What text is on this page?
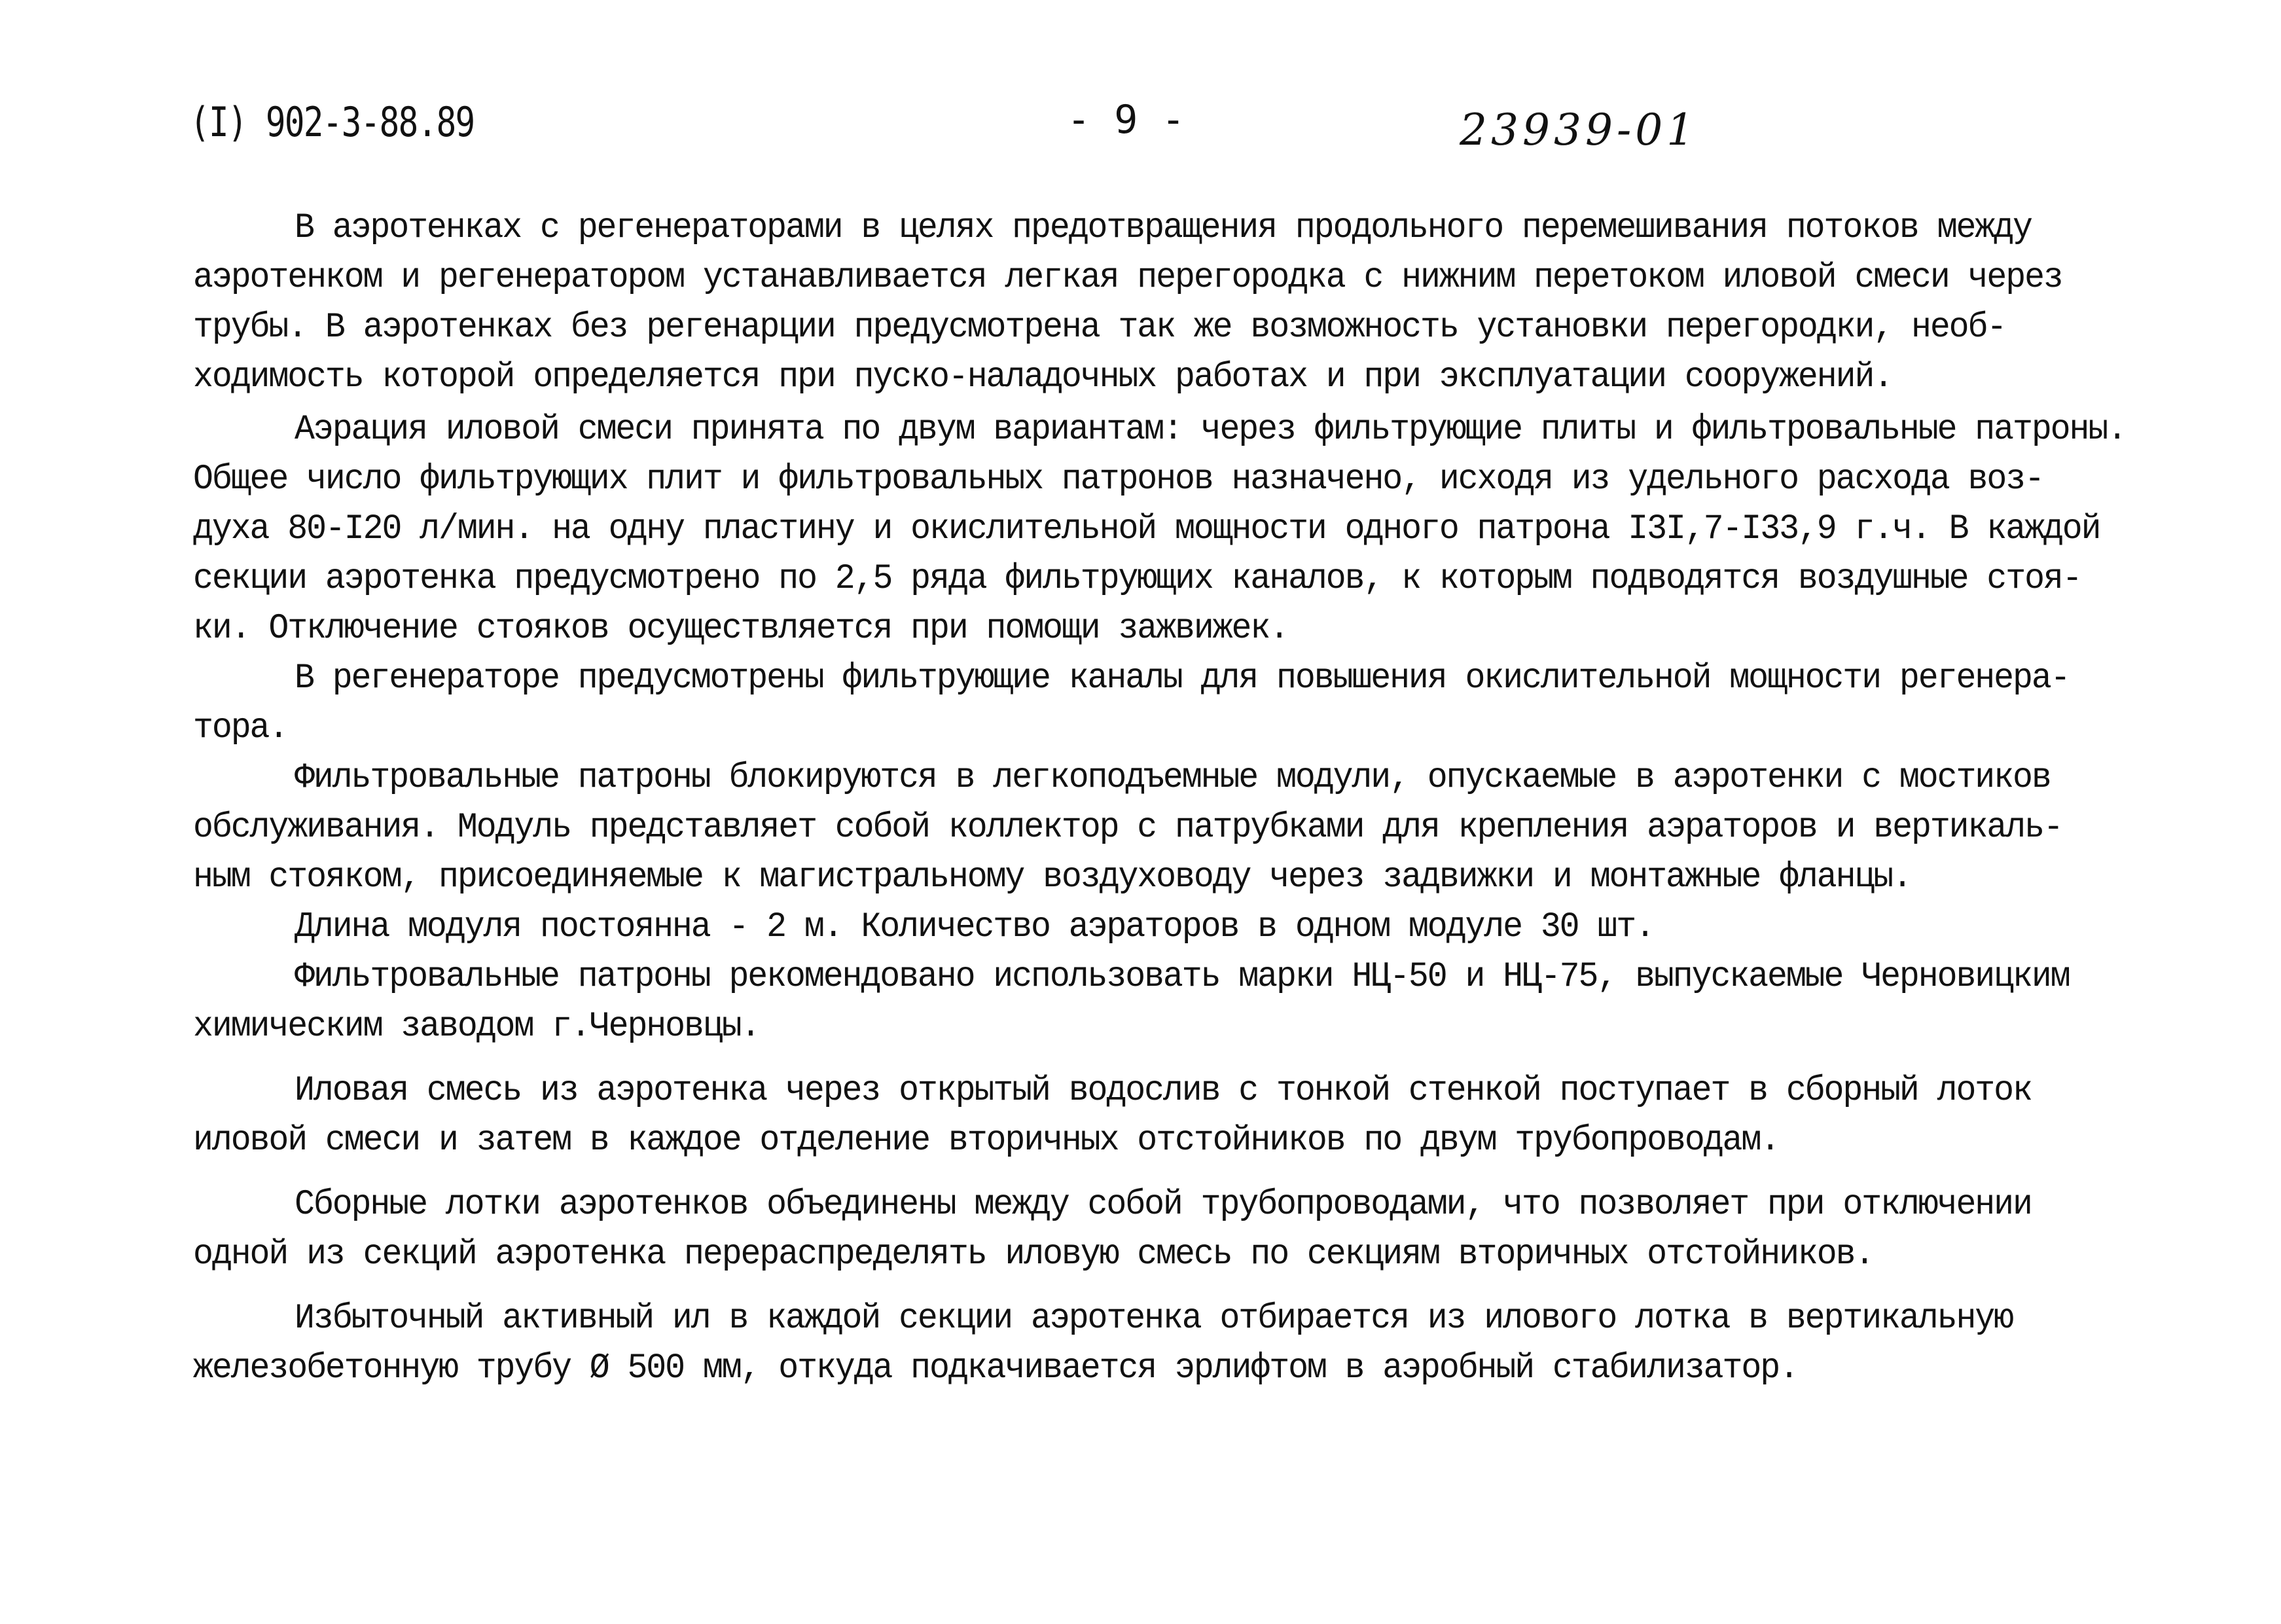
(I) 902-3-88.89	- 9 -	23939-01
В аэротенках с регенераторами в целях предотвращения продольного перемешивания потоков между
аэротенком и регенератором устанавливается легкая перегородка с нижним перетоком иловой смеси через
трубы. В аэротенках без регенарции предусмотрена так же возможность установки перегородки, необ-
ходимость которой определяется при пуско-наладочных работах и при эксплуатации сооружений.
Аэрация иловой смеси принята по двум вариантам: через фильтрующие плиты и фильтровальные патроны.
Общее число фильтрующих плит и фильтровальных патронов назначено, исходя из удельного расхода воз-
духа 80-I20 л/мин. на одну пластину и окислительной мощности одного патрона I3I,7-I33,9 г.ч. В каждой
секции аэротенка предусмотрено по 2,5 ряда фильтрующих каналов, к которым подводятся воздушные стоя-
ки. Отключение стояков осуществляется при помощи зажвижек.
В регенераторе предусмотрены фильтрующие каналы для повышения окислительной мощности регенера-
тора.
Фильтровальные патроны блокируются в легкоподъемные модули, опускаемые в аэротенки с мостиков
обслуживания. Модуль представляет собой коллектор с патрубками для крепления аэраторов и вертикаль-
ным стояком, присоединяемые к магистральному воздуховоду через задвижки и монтажные фланцы.
Длина модуля постоянна - 2 м. Количество аэраторов в одном модуле 30 шт.
Фильтровальные патроны рекомендовано использовать марки НЦ-50 и НЦ-75, выпускаемые Черновицким
химическим заводом г.Черновцы.
Иловая смесь из аэротенка через открытый водослив с тонкой стенкой поступает в сборный лоток
иловой смеси и затем в каждое отделение вторичных отстойников по двум трубопроводам.
Сборные лотки аэротенков объединены между собой трубопроводами, что позволяет при отключении
одной из секций аэротенка перераспределять иловую смесь по секциям вторичных отстойников.
Избыточный активный ил в каждой секции аэротенка отбирается из илового лотка в вертикальную
железобетонную трубу Ø 500 мм, откуда подкачивается эрлифтом в аэробный стабилизатор.
